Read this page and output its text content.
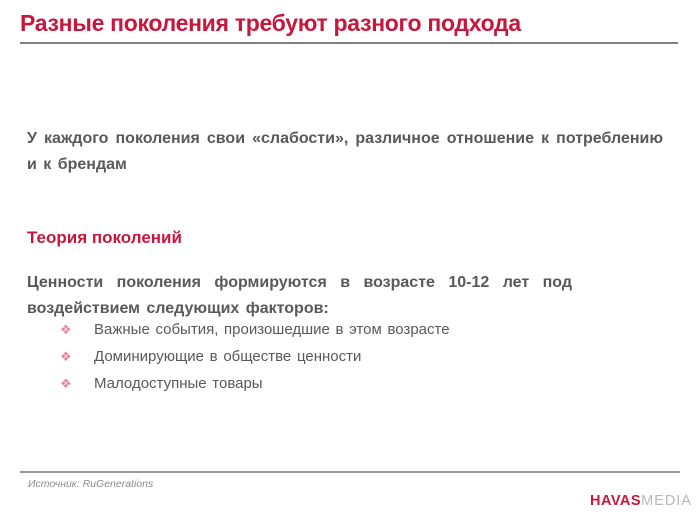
Разные поколения требуют разного подхода

У каждого поколения свои «слабости», различное отношение к потреблению и к брендам

Теория поколений

Ценности поколения формируются в возрасте 10-12 лет под воздействием следующих факторов:

❖	Важные события, произошедшие в этом возрасте
❖	Доминирующие в обществе ценности
❖	Малодоступные товары

Источник: RuGenerations

HAVASMEDIA
